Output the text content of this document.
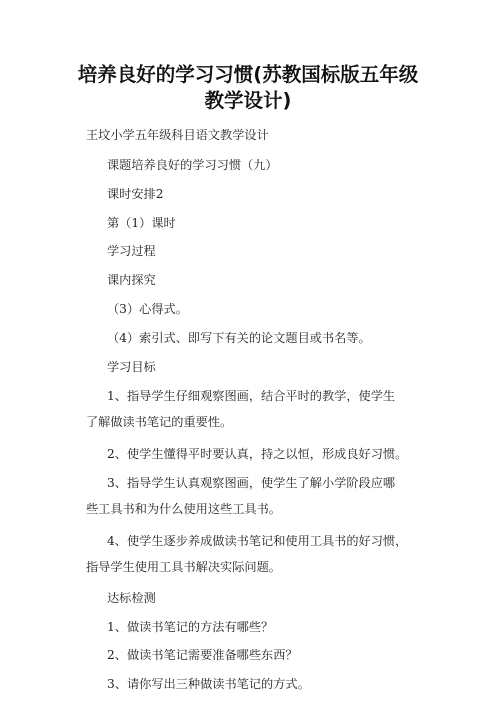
培养良好的学习习惯(苏教国标版五年级
教学设计)
王坟小学五年级科目语文教学设计
课题培养良好的学习习惯（九）
课时安排2
第（1）课时
学习过程
课内探究
（3）心得式。
（4）索引式、即写下有关的论文题目或书名等。
学习目标
1、指导学生仔细观察图画，结合平时的教学，使学生
了解做读书笔记的重要性。
2、使学生懂得平时要认真，持之以恒，形成良好习惯。
3、指导学生认真观察图画，使学生了解小学阶段应哪
些工具书和为什么使用这些工具书。
4、使学生逐步养成做读书笔记和使用工具书的好习惯，
指导学生使用工具书解决实际问题。
达标检测
1、做读书笔记的方法有哪些？
2、做读书笔记需要准备哪些东西？
3、请你写出三种做读书笔记的方式。
